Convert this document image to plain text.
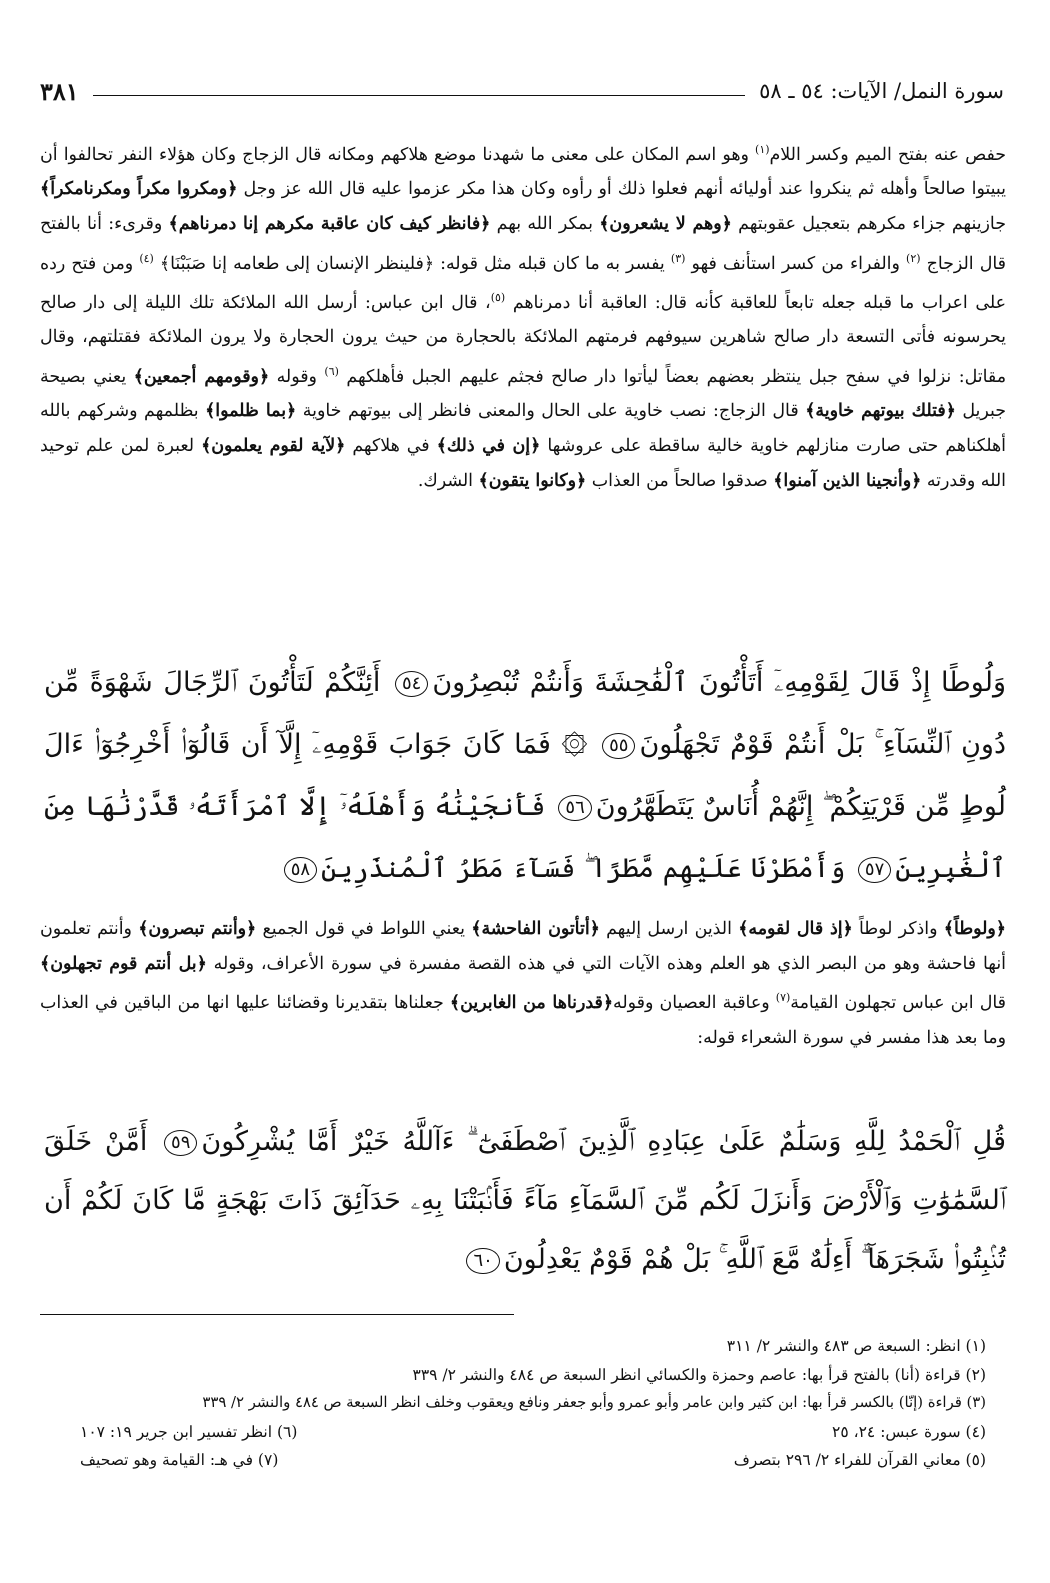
سورة النمل/ الآيات: ٥٤ ـ ٥٨
٣٨١
حفص عنه بفتح الميم وكسر اللام$^{(١)}$ وهو اسم المكان على معنى ما شهدنا موضع هلاكهم ومكانه قال الزجاج وكان هؤلاء النفر تحالفوا أن يبيتوا صالحاً وأهله ثم ينكروا عند أوليائه أنهم فعلوا ذلك أو رأوه وكان هذا مكر عزموا عليه قال الله عز وجل ﴿ومكروا مكراً ومكرنامكراً﴾جازينهم جزاء مكرهم بتعجيل عقوبتهم ﴿وهم لا يشعرون﴾ بمكر الله بهم ﴿فانظر كيف كان عاقبة مكرهم إنا دمرناهم﴾ وقرىء: أنا بالفتح قال الزجاج $^{(٢)}$ والفراء من كسر استأنف فهو $^{(٣)}$ يفسر به ما كان قبله مثل قوله: ﴿فلينظر الإنسان إلى طعامه إنا صَبَبْنَا﴾ $^{(٤)}$ ومن فتح رده على اعراب ما قبله جعله تابعاً للعاقبة كأنه قال: العاقبة أنا دمرناهم $^{(٥)}$، قال ابن عباس: أرسل الله الملائكة تلك الليلة إلى دار صالح يحرسونه فأتى التسعة دار صالح شاهرين سيوفهم فرمتهم الملائكة بالحجارة من حيث يرون الحجارة ولا يرون الملائكة فقتلتهم، وقال مقاتل: نزلوا في سفح جبل ينتظر بعضهم بعضاً ليأتوا دار صالح فجثم عليهم الجبل فأهلكهم $^{(٦)}$ وقوله ﴿وقومهم أجمعين﴾ يعني بصيحة جبريل ﴿فتلك بيوتهم خاوية﴾ قال الزجاج: نصب خاوية على الحال والمعنى فانظر إلى بيوتهم خاوية ﴿بما ظلموا﴾ بظلمهم وشركهم بالله أهلكناهم حتى صارت منازلهم خاوية خالية ساقطة على عروشها ﴿إن في ذلك﴾ في هلاكهم ﴿لآية لقوم يعلمون﴾ لعبرة لمن علم توحيد الله وقدرته ﴿وأنجينا الذين آمنوا﴾ صدقوا صالحاً من العذاب ﴿وكانوا يتقون﴾ الشرك.
وَلُوطًا إِذْ قَالَ لِقَوْمِهِۦٓ أَتَأْتُونَ ٱلْفَٰحِشَةَ وَأَنتُمْ تُبْصِرُونَ٥٤ أَئِنَّكُمْ لَتَأْتُونَ ٱلرِّجَالَ شَهْوَةً مِّن دُونِ ٱلنِّسَآءِ ۚ بَلْ أَنتُمْ قَوْمٌ تَجْهَلُونَ٥٥ ۞ فَمَا كَانَ جَوَابَ قَوْمِهِۦٓ إِلَّآ أَن قَالُوٓا۟ أَخْرِجُوٓا۟ ءَالَ لُوطٍ مِّن قَرْيَتِكُمْ ۖ إِنَّهُمْ أُنَاسٌ يَتَطَهَّرُونَ٥٦ فَأَنجَيْنَٰهُ وَأَهْلَهُۥٓ إِلَّا ٱمْرَأَتَهُۥ قَدَّرْنَٰهَا مِنَ ٱلْغَٰبِرِينَ٥٧ وَأَمْطَرْنَا عَلَيْهِم مَّطَرًا ۖ فَسَآءَ مَطَرُ ٱلْمُنذَرِينَ٥٨
﴿ولوطاً﴾ واذكر لوطاً ﴿إذ قال لقومه﴾ الذين ارسل إليهم ﴿أتأتون الفاحشة﴾ يعني اللواط في قول الجميع ﴿وأنتم تبصرون﴾ وأنتم تعلمون أنها فاحشة وهو من البصر الذي هو العلم وهذه الآيات التي في هذه القصة مفسرة في سورة الأعراف، وقوله ﴿بل أنتم قوم تجهلون﴾ قال ابن عباس تجهلون القيامة$^{(٧)}$ وعاقبة العصيان وقوله﴿قدرناها من الغابرين﴾ جعلناها بتقديرنا وقضائنا عليها انها من الباقين في العذاب وما بعد هذا مفسر في سورة الشعراء قوله:
قُلِ ٱلْحَمْدُ لِلَّهِ وَسَلَٰمٌ عَلَىٰ عِبَادِهِ ٱلَّذِينَ ٱصْطَفَىٰٓ ۗ ءَآللَّهُ خَيْرٌ أَمَّا يُشْرِكُونَ٥٩ أَمَّنْ خَلَقَ ٱلسَّمَٰوَٰتِ وَٱلْأَرْضَ وَأَنزَلَ لَكُم مِّنَ ٱلسَّمَآءِ مَآءً فَأَنۢبَتْنَا بِهِۦ حَدَآئِقَ ذَاتَ بَهْجَةٍ مَّا كَانَ لَكُمْ أَن تُنۢبِتُوا۟ شَجَرَهَآ ۗ أَءِلَٰهٌ مَّعَ ٱللَّهِ ۚ بَلْ هُمْ قَوْمٌ يَعْدِلُونَ٦٠
(١) انظر: السبعة ص ٤٨٣ والنشر ٢/ ٣١١
(٢) قراءة (أنا) بالفتح قرأ بها: عاصم وحمزة والكسائي انظر السبعة ص ٤٨٤ والنشر ٢/ ٣٣٩
(٣) قراءة (إنّا) بالكسر قرأ بها: ابن كثير وابن عامر وأبو عمرو وأبو جعفر ونافع ويعقوب وخلف انظر السبعة ص ٤٨٤ والنشر ٢/ ٣٣٩
(٤) سورة عبس: ٢٤، ٢٥
(٦) انظر تفسير ابن جرير ١٩: ١٠٧
(٥) معاني القرآن للفراء ٢/ ٢٩٦ بتصرف
(٧) في هـ: القيامة وهو تصحيف
